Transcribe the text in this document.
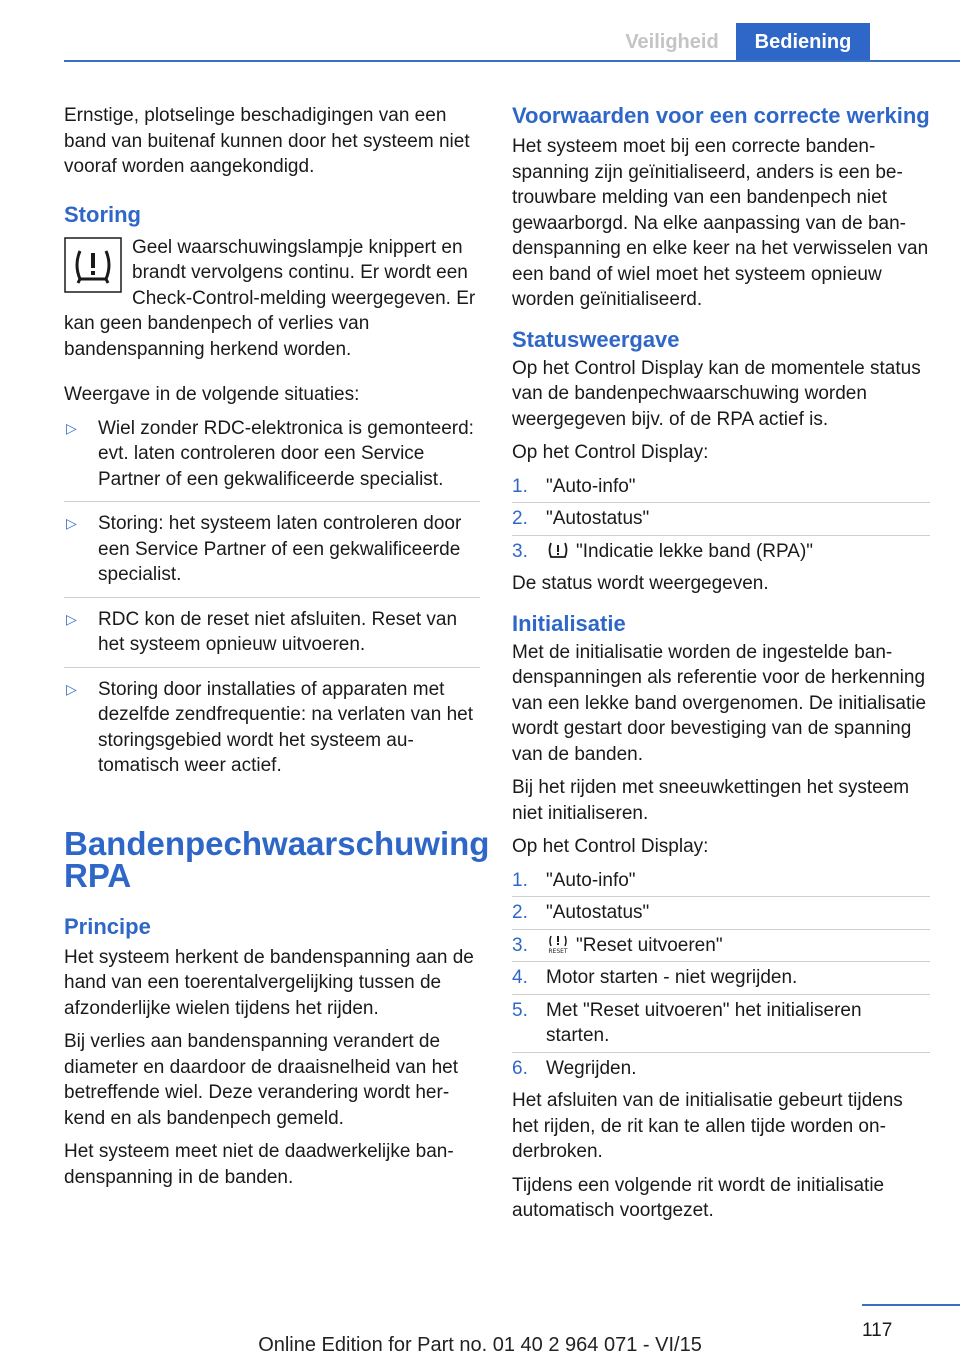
Veiligheid	Bediening

Ernstige, plotselinge beschadigingen van een band van buitenaf kunnen door het systeem niet vooraf worden aangekondigd.

Storing

Geel waarschuwingslampje knippert en brandt vervolgens continu. Er wordt een Check-Control-melding weergegeven. Er kan geen bandenpech of verlies van bandenspanning herkend worden.

Weergave in de volgende situaties:

▷ Wiel zonder RDC-elektronica is gemonteerd: evt. laten controleren door een Service Partner of een gekwalificeerde specialist.
▷ Storing: het systeem laten controleren door een Service Partner of een gekwalificeerde specialist.
▷ RDC kon de reset niet afsluiten. Reset van het systeem opnieuw uitvoeren.
▷ Storing door installaties of apparaten met dezelfde zendfrequentie: na verlaten van het storingsgebied wordt het systeem automatisch weer actief.
Bandenpechwaarschuwing RPA
Principe

Het systeem herkent de bandenspanning aan de hand van een toerentalvergelijking tussen de afzonderlijke wielen tijdens het rijden.

Bij verlies aan bandenspanning verandert de diameter en daardoor de draaisnelheid van het betreffende wiel. Deze verandering wordt herkend en als bandenpech gemeld.

Het systeem meet niet de daadwerkelijke bandenspanning in de banden.

Voorwaarden voor een correcte werking

Het systeem moet bij een correcte bandenspanning zijn geïnitialiseerd, anders is een betrouwbare melding van een bandenpech niet gewaarborgd. Na elke aanpassing van de bandenspanning en elke keer na het verwisselen van een band of wiel moet het systeem opnieuw worden geïnitialiseerd.

Statusweergave

Op het Control Display kan de momentele status van de bandenpechwaarschuwing worden weergegeven bijv. of de RPA actief is.

Op het Control Display:

1. "Auto-info"
2. "Autostatus"
3.	"Indicatie lekke band (RPA)"

De status wordt weergegeven.

Initialisatie

Met de initialisatie worden de ingestelde bandenspanningen als referentie voor de herkenning van een lekke band overgenomen. De initialisatie wordt gestart door bevestiging van de spanning van de banden.

Bij het rijden met sneeuwkettingen het systeem niet initialiseren.

Op het Control Display:

1. "Auto-info"
2. "Autostatus"
3.	RESET "Reset uitvoeren"
4. Motor starten - niet wegrijden.
5. Met "Reset uitvoeren" het initialiseren starten.
6. Wegrijden.

Het afsluiten van de initialisatie gebeurt tijdens het rijden, de rit kan te allen tijde worden onderbroken.

Tijdens een volgende rit wordt de initialisatie automatisch voortgezet.

117
Online Edition for Part no. 01 40 2 964 071 - VI/15
